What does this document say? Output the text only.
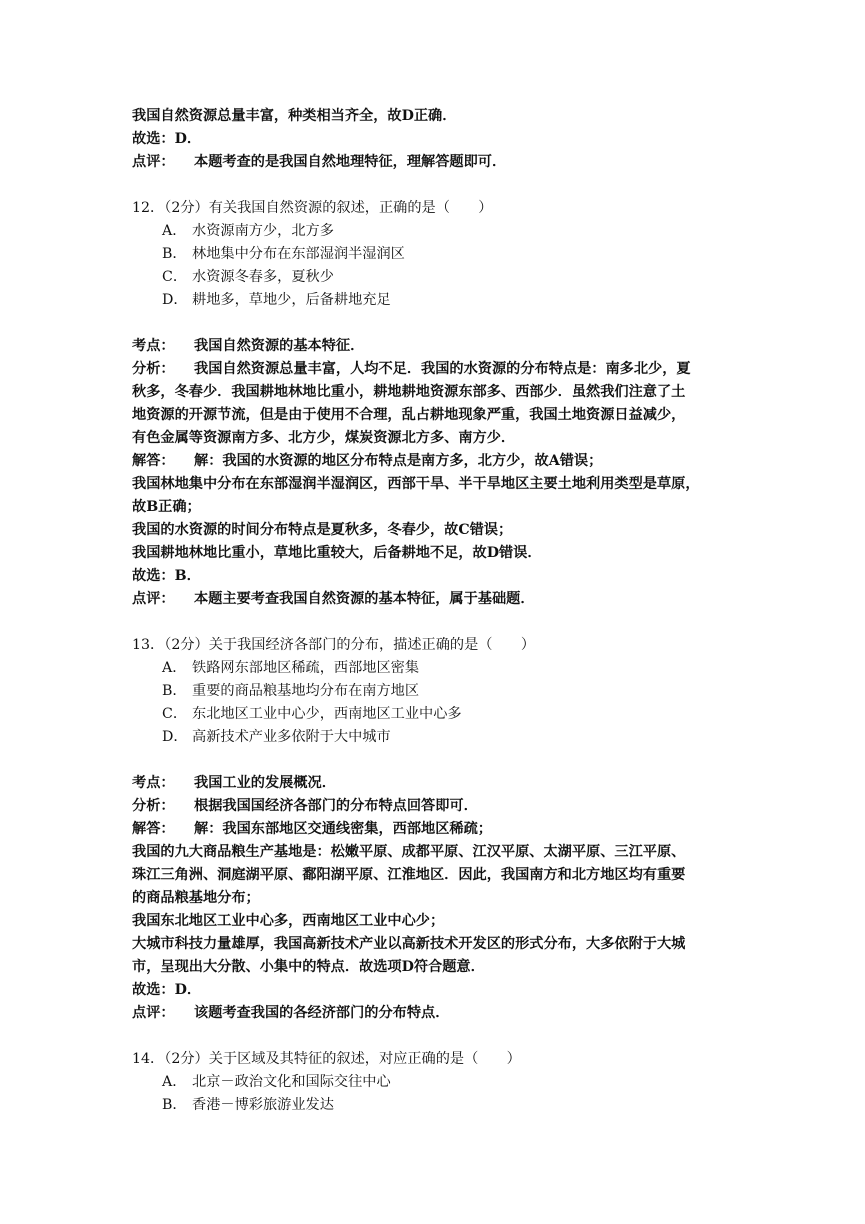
我国自然资源总量丰富，种类相当齐全，故D正确．
故选：D．
点评： 本题考查的是我国自然地理特征，理解答题即可．
12．（2分）有关我国自然资源的叙述，正确的是（　　）
A． 水资源南方少，北方多
B． 林地集中分布在东部湿润半湿润区
C． 水资源冬春多，夏秋少
D． 耕地多，草地少，后备耕地充足
考点： 我国自然资源的基本特征．
分析： 我国自然资源总量丰富，人均不足．我国的水资源的分布特点是：南多北少，夏
秋多，冬春少．我国耕地林地比重小，耕地耕地资源东部多、西部少．虽然我们注意了土
地资源的开源节流，但是由于使用不合理，乱占耕地现象严重，我国土地资源日益减少，
有色金属等资源南方多、北方少，煤炭资源北方多、南方少．
解答： 解：我国的水资源的地区分布特点是南方多，北方少，故A错误；
我国林地集中分布在东部湿润半湿润区，西部干旱、半干旱地区主要土地利用类型是草原，
故B正确；
我国的水资源的时间分布特点是夏秋多，冬春少，故C错误；
我国耕地林地比重小，草地比重较大，后备耕地不足，故D错误．
故选：B．
点评： 本题主要考查我国自然资源的基本特征，属于基础题．
13．（2分）关于我国经济各部门的分布，描述正确的是（　　）
A． 铁路网东部地区稀疏，西部地区密集
B． 重要的商品粮基地均分布在南方地区
C． 东北地区工业中心少，西南地区工业中心多
D． 高新技术产业多依附于大中城市
考点： 我国工业的发展概况．
分析： 根据我国国经济各部门的分布特点回答即可．
解答： 解：我国东部地区交通线密集，西部地区稀疏；
我国的九大商品粮生产基地是：松嫩平原、成都平原、江汉平原、太湖平原、三江平原、
珠江三角洲、洞庭湖平原、鄱阳湖平原、江淮地区．因此，我国南方和北方地区均有重要
的商品粮基地分布；
我国东北地区工业中心多，西南地区工业中心少；
大城市科技力量雄厚，我国高新技术产业以高新技术开发区的形式分布，大多依附于大城
市，呈现出大分散、小集中的特点．故选项D符合题意．
故选：D．
点评： 该题考查我国的各经济部门的分布特点．
14．（2分）关于区域及其特征的叙述，对应正确的是（　　）
A． 北京－政治文化和国际交往中心
B． 香港－博彩旅游业发达
